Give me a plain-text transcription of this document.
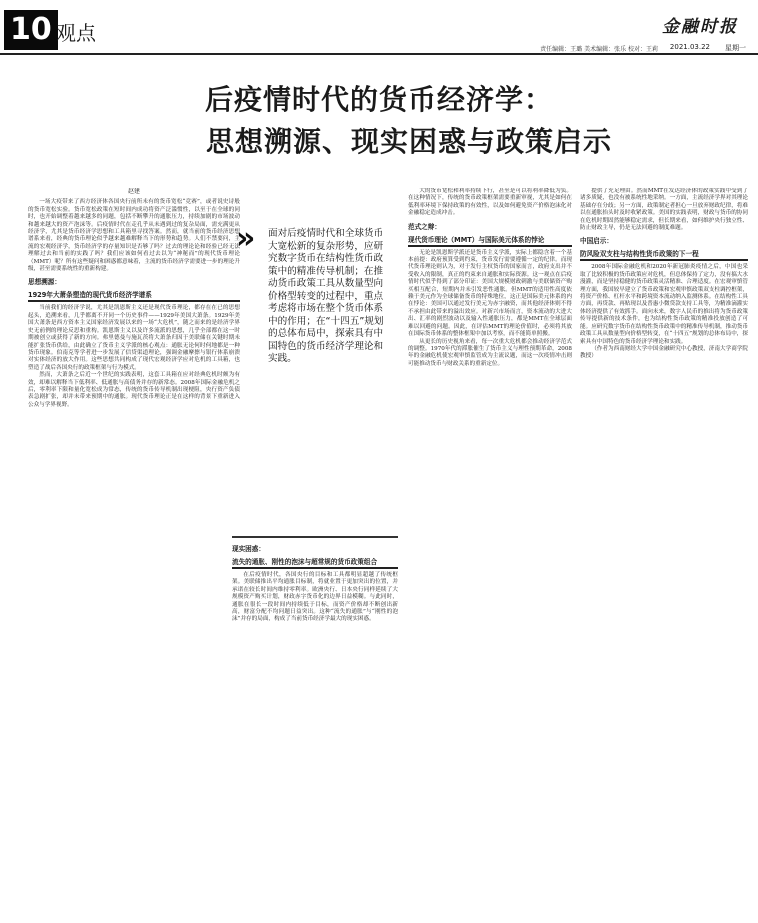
10 观点	金融时报
责任编辑：王璐 美术编辑：张乐 校对：王莉 2021.03.22 星期一
后疫情时代的货币经济学：
思想溯源、现实困惑与政策启示
赵建

一场大疫带来了西方经济体各国央行前所未有的货币宽松“竞赛”，或者说史诗般的货币宽松实验。货币宽松政策在短时间内成功将资产泛滥惯性，以至于在全球的同时，也开始调整着越来越多的同题，包括不断攀升的通胀压力，持续加剧的市场波动和越来越大的资产泡沫等。后疫情时代在走孔乎从未遇到过的复杂局面，需充满更从经济学，尤其是货币经济学思想和工具箱里寻找答案。然而，就当前的货币经济思想谱系来看，经典的货币理论似乎越来越难解释当下的形势和趋势。人们不禁要问，主流的宏观经济学，货币经济学的存量知识是否够了吗？过去的理论论和经验已经无法理解过去和当前的实践了吗？我们应该如何看过去以为“神秘而”的现代货币理论（MMT）呢？所有这些疑问和困惑都意味着，主流的货币经济学需要进一步的理论升级，甚至需要系统性的重新构建。

思想溯源：
1929年大萧条塑造的现代货币经济学谱系

当前我们的经济学说，尤其是凯恩斯主义还是现代货币理论，都存在在已的思想起头，追溯来看，几乎都离不开同一个历史事件——1929年美国大萧条。1929年美国大萧条是西方资本主义国家经济发展以来的一场“大危机”，随之而来的是经济学界史无前例的理论反思和重构。凯恩斯主义以及许多流派的思想，几乎全部都在这一时期被创立或获得了新的方向。弗里德曼与施瓦茨将大萧条归因于美联储在关键时期未能扩张货币供给，由此确立了货币主义学派的核心观点：通胀无论何时何地都是一种货币现象。伯南克等学者进一步发展了信贷渠道理论，强调金融摩擦与银行体系崩溃对实体经济的放大作用。这些思想共同构成了现代宏观经济学应对危机的工具箱，也塑造了战后各国央行的政策框架与行为模式。

然而，大萧条之后近一个世纪的实践表明，这套工具箱在应对经典危机时颇为有效，却难以解释当下低利率、低通胀与高债务并存的新常态。2008年国际金融危机之后，零利率下限和量化宽松成为常态，传统的货币传导机制出现梗阻，央行资产负债表急剧扩张，却并未带来预期中的通胀。现代货币理论正是在这样的背景下重新进入公众与学界视野。

» 面对后疫情时代和全球货币大宽松新的复杂形势，应研究数字货币在结构性货币政策中的精准传导机制；在推动货币政策工具从数量型向价格型转变的过程中，重点考虑将市场在整个货币体系中的作用；在“十四五”规划的总体布局中，探索具有中国特色的货币经济学理论和实践。
现实困惑：
流失的通胀、刚性的泡沫与超常规的货币政策组合

在后疫情时代，各国央行的目标和工具都明显超越了传统框架。美联储推出平均通胀目标制，将就业置于更加突出的位置，并承诺在较长时间内维持零利率。欧洲央行、日本央行同样延续了大规模资产购买计划，财政赤字货币化的边界日益模糊。与此同时，通胀在很长一段时间内持续低于目标，而资产价格却不断创出新高，财富分配不均问题日益突出。这种“流失的通胀”与“刚性的泡沫”并存的局面，构成了当前货币经济学最大的现实困惑。

大的货币宽松和利率持续下行，甚至是可以将利率降低为负。在这种情况下，传统的货币政策框架需要重新审视，尤其是如何在低利率环境下保持政策的有效性，以及如何避免资产价格泡沫化对金融稳定造成冲击。

范式之辩：
现代货币理论（MMT）与国际美元体系的悖论

无论是凯恩斯学派还是货币主义学派，实际上都隐含着一个基本前提：政府预算受到约束，货币发行需要遵循一定的纪律。而现代货币理论则认为，对于发行主权货币的国家而言，政府支出并不受收入的限制，真正的约束来自通胀和实际资源。这一观点在后疫情时代似乎得到了部分印证：美国大规模财政刺激与美联储资产购买相互配合，短期内并未引发恶性通胀。但MMT的适用性高度依赖于美元作为全球储备货币的特殊地位，这正是国际美元体系的内在悖论：美国可以通过发行美元为赤字融资，而其他经济体则不得不承担由此带来的溢出效应。对新兴市场而言，资本流动的大进大出、汇率的剧烈波动以及输入性通胀压力，都是MMT在全球层面难以回避的问题。因此，在评估MMT的理论价值时，必须将其放在国际货币体系的整体框架中加以考察，而不能简单照搬。

从更长的历史视角来看，每一次重大危机都会推动经济学范式的调整。1970年代的滞胀催生了货币主义与理性预期革命，2008年的金融危机使宏观审慎监管成为主流议题，而这一次疫情冲击则可能推动货币与财政关系的重新定位。

提供了充足理由。然而MMT在发达经济体的政策实践中受到了诸多质疑，也没有被系统性地采纳。一方面，主流经济学界对其理论基础存在分歧；另一方面，政策制定者担心一旦放弃财政纪律，将难以在通胀抬头时及时收紧政策。美国的实践表明，财政与货币的协同在危机时期固然能够稳定需求，但长期来看，如何维护央行独立性、防止财政主导，仍是无法回避的制度难题。

中国启示：
防风险双支柱与结构性货币政策的下一程

2008年国际金融危机和2020年新冠肺炎疫情之后，中国也采取了比较积极的货币政策应对危机，但总体保持了定力，没有搞大水漫灌，而是坚持稳健的货币政策灵活精准、合理适度。在宏观审慎管理方面，我国较早建立了货币政策和宏观审慎政策双支柱调控框架，将资产价格、杠杆水平和跨境资本流动纳入监测体系。在结构性工具方面，再贷款、再贴现以及普惠小微贷款支持工具等，为精准滴灌实体经济提供了有效抓手。面向未来，数字人民币的推出将为货币政策传导提供新的技术条件，也为结构性货币政策的精准投放创造了可能。应研究数字货币在结构性货币政策中的精准传导机制，推动货币政策工具从数量型向价格型转变，在“十四五”规划的总体布局中，探索具有中国特色的货币经济学理论和实践。

（作者为西南财经大学中国金融研究中心教授，济南大学商学院教授）
